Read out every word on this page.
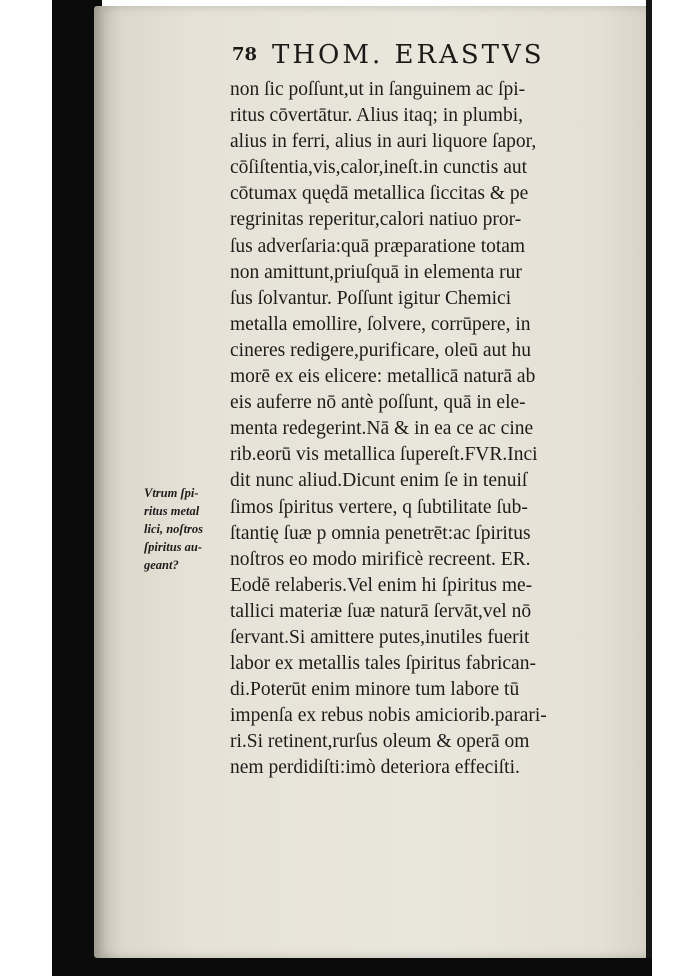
78 THOM. ERASTVS
Vtrum ſpi-
ritus metal
lici, noſtros
ſpiritus au-
geant?
non ſic poſſunt,ut in ſanguinem ac ſpi-
ritus cōvertātur. Alius itaq; in plumbi,
alius in ferri, alius in auri liquore ſapor,
cōſiſtentia,vis,calor,ineſt.in cunctis aut
cōtumax quędā metallica ſiccitas & pe
regrinitas reperitur,calori natiuo pror-
ſus adverſaria:quā præparatione totam
non amittunt,priuſquā in elementa rur
ſus ſolvantur. Poſſunt igitur Chemici
metalla emollire, ſolvere, corrūpere, in
cineres redigere,purificare, oleū aut hu
morē ex eis elicere: metallicā naturā ab
eis auferre nō antè poſſunt, quā in ele-
menta redegerint.Nā & in ea ce ac cine
rib.eorū vis metallica ſupereſt.FVR.Inci
dit nunc aliud.Dicunt enim ſe in tenuiſ
ſimos ſpiritus vertere, q ſubtilitate ſub-
ſtantię ſuæ p omnia penetrēt:ac ſpiritus
noſtros eo modo mirificè recreent. ER.
Eodē relaberis.Vel enim hi ſpiritus me-
tallici materiæ ſuæ naturā ſervāt,vel nō
ſervant.Si amittere putes,inutiles fuerit
labor ex metallis tales ſpiritus fabrican-
di.Poterūt enim minore tum labore tū
impenſa ex rebus nobis amiciorib.parari-
ri.Si retinent,rurſus oleum & operā om
nem perdidiſti:imò deteriora effeciſti.
